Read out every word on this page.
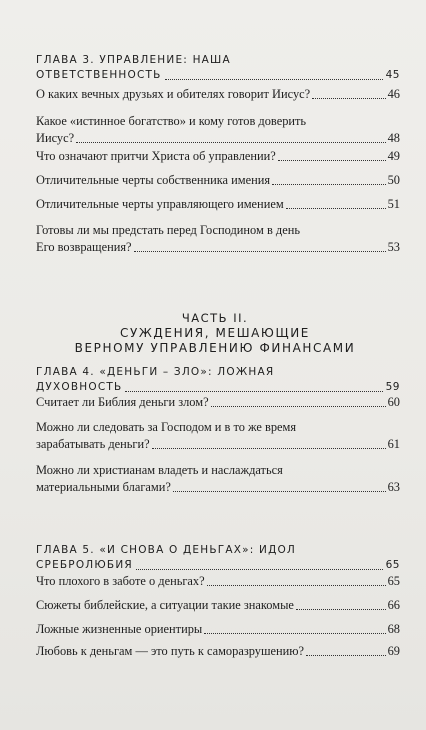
ГЛАВА 3. УПРАВЛЕНИЕ: НАША
ОТВЕТСТВЕННОСТЬ	45
О каких вечных друзьях и обителях говорит Иисус?	46
Какое «истинное богатство» и кому готов доверить
Иисус?	48
Что означают притчи Христа об управлении?	49
Отличительные черты собственника имения	50
Отличительные черты управляющего имением	51
Готовы ли мы предстать перед Господином в день
Его возвращения?	53
ЧАСТЬ II.
СУЖДЕНИЯ, МЕШАЮЩИЕ
ВЕРНОМУ УПРАВЛЕНИЮ ФИНАНСАМИ
ГЛАВА 4. «ДЕНЬГИ – ЗЛО»: ЛОЖНАЯ
ДУХОВНОСТЬ	59
Считает ли Библия деньги злом?	60
Можно ли следовать за Господом и в то же время
зарабатывать деньги?	61
Можно ли христианам владеть и наслаждаться
материальными благами?	63
ГЛАВА 5. «И СНОВА О ДЕНЬГАХ»: ИДОЛ
СРЕБРОЛЮБИЯ	65
Что плохого в заботе о деньгах?	65
Сюжеты библейские, а ситуации такие знакомые	66
Ложные жизненные ориентиры	68
Любовь к деньгам — это путь к саморазрушению?	69
